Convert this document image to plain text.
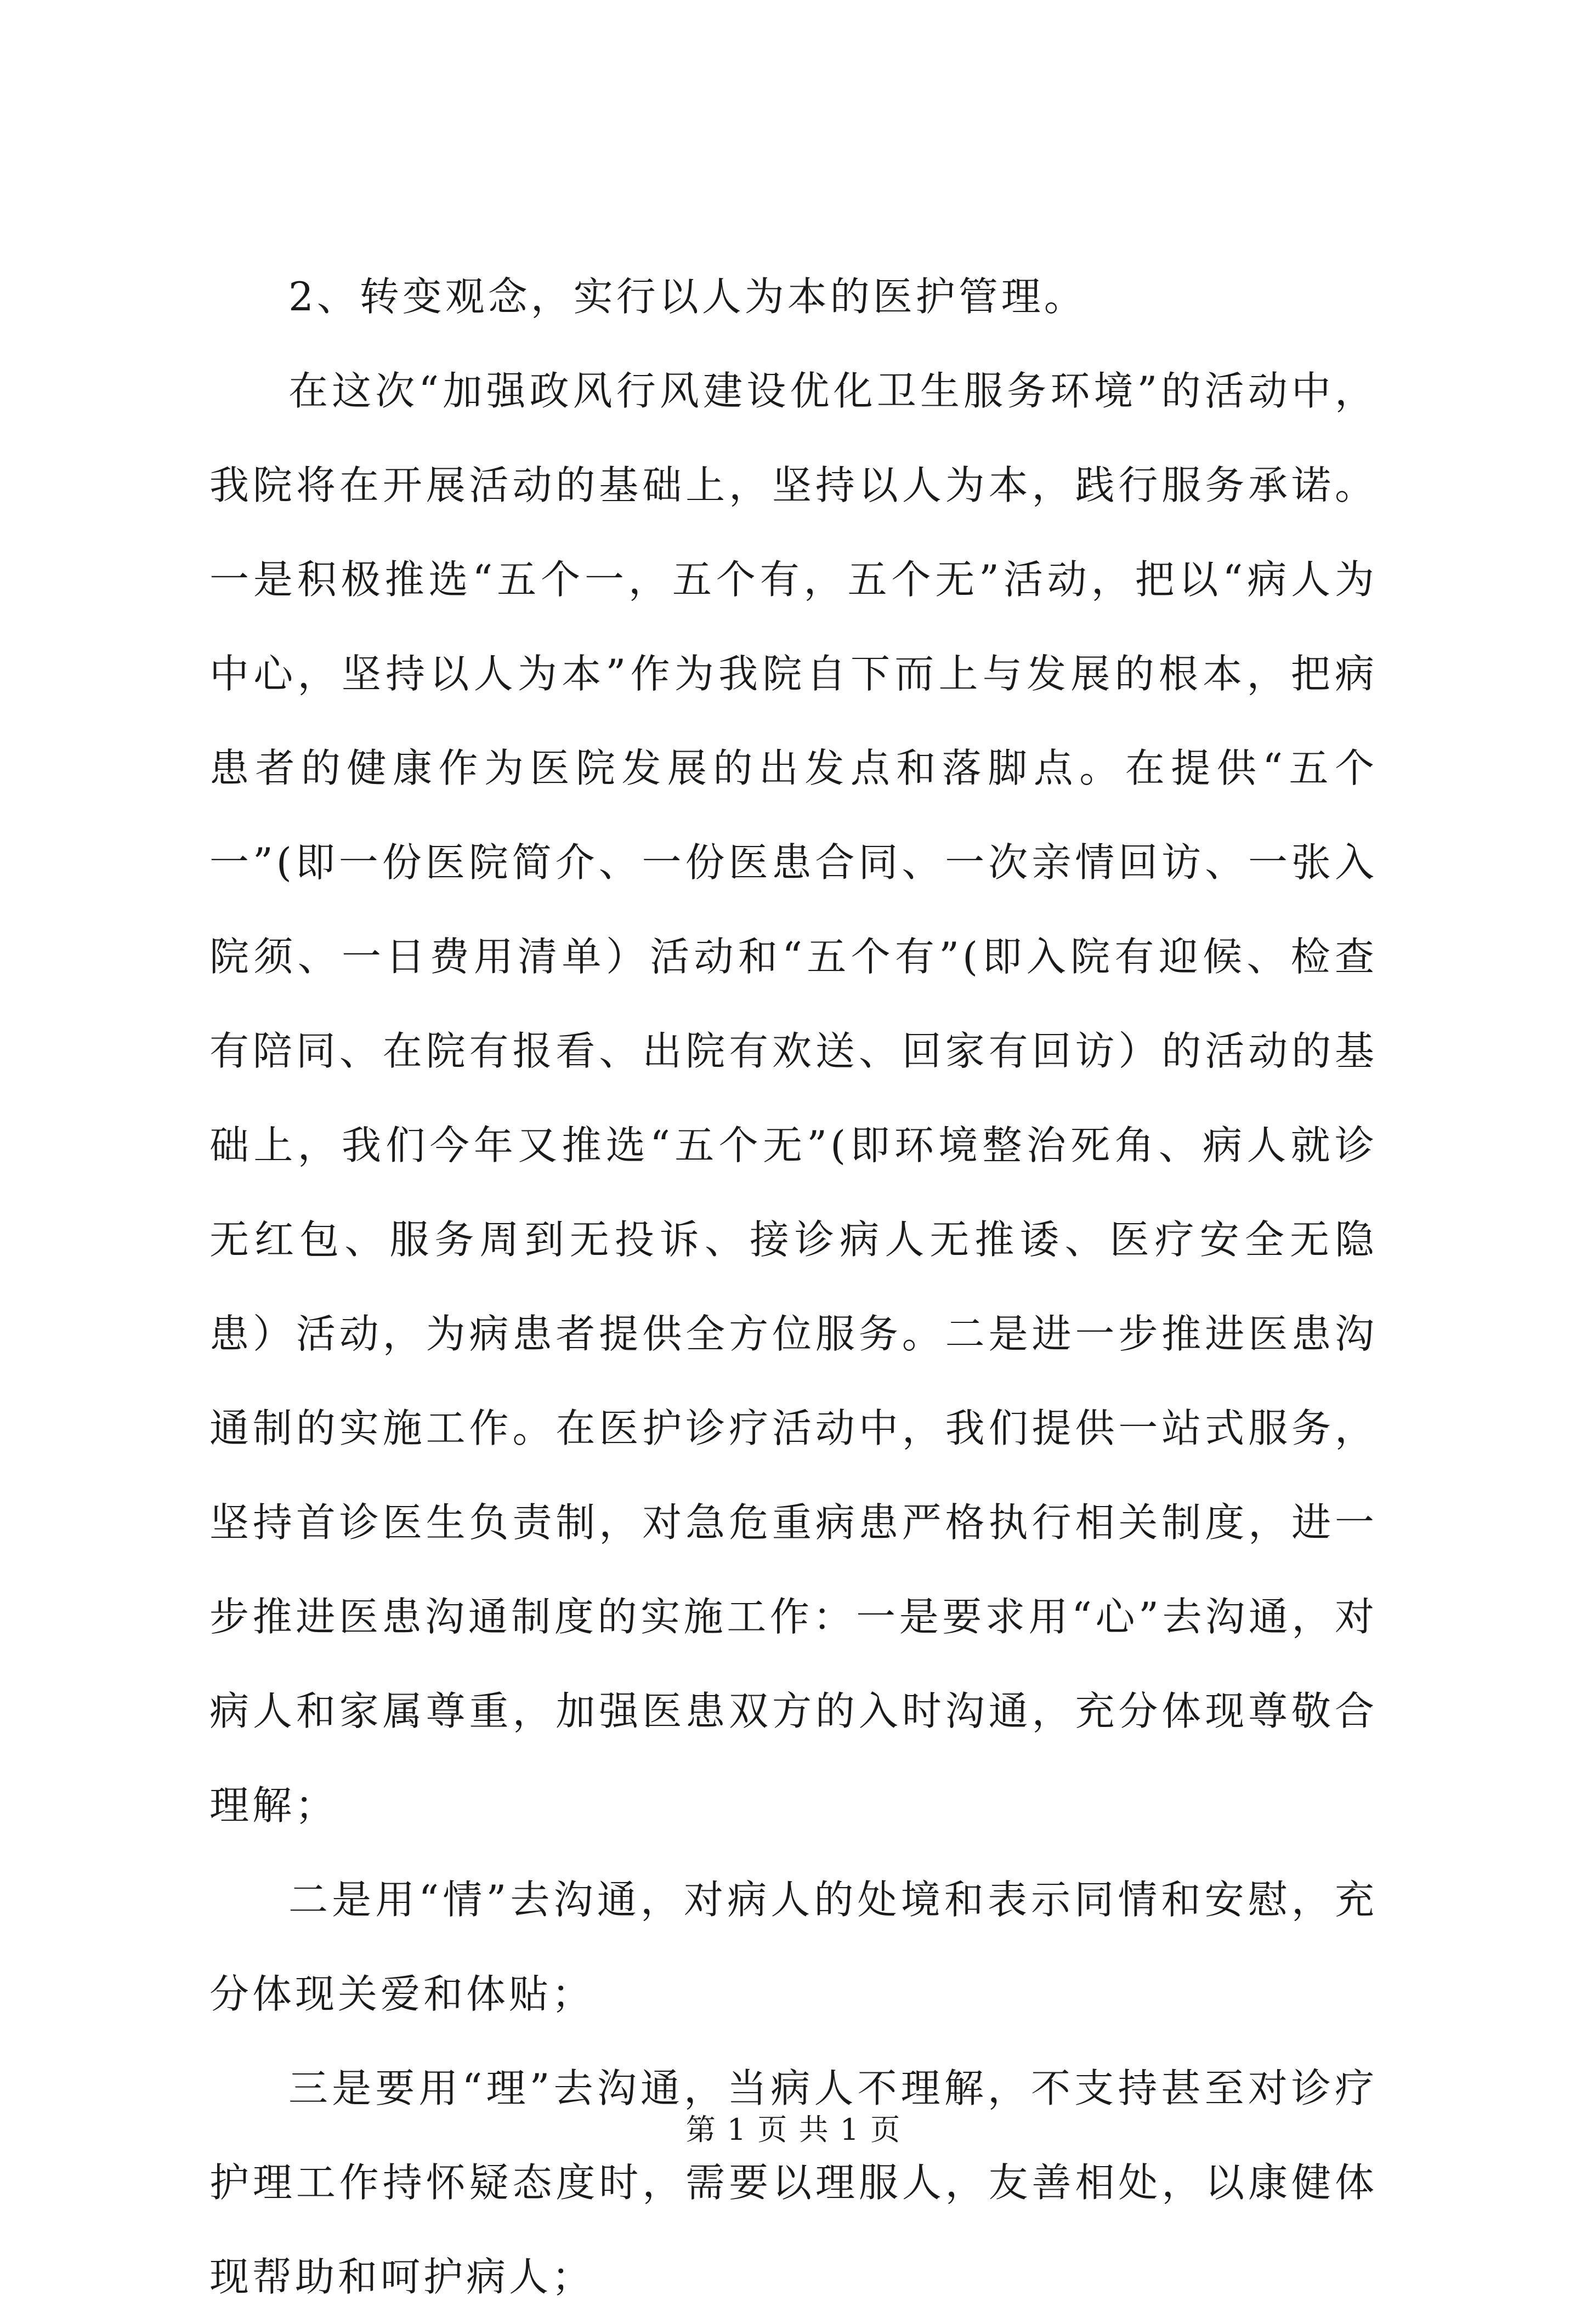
2、转变观念，实行以人为本的医护管理。

在这次“加强政风行风建设优化卫生服务环境”的活动中，我院将在开展活动的基础上，坚持以人为本，践行服务承诺。一是积极推选“五个一，五个有，五个无”活动，把以“病人为中心，坚持以人为本”作为我院自下而上与发展的根本，把病患者的健康作为医院发展的出发点和落脚点。在提供“五个一”(即一份医院简介、一份医患合同、一次亲情回访、一张入院须、一日费用清单）活动和“五个有”(即入院有迎候、检查有陪同、在院有报看、出院有欢送、回家有回访）的活动的基础上，我们今年又推选“五个无”(即环境整治死角、病人就诊无红包、服务周到无投诉、接诊病人无推诿、医疗安全无隐患）活动，为病患者提供全方位服务。二是进一步推进医患沟通制的实施工作。在医护诊疗活动中，我们提供一站式服务，坚持首诊医生负责制，对急危重病患严格执行相关制度，进一步推进医患沟通制度的实施工作：一是要求用“心”去沟通，对病人和家属尊重，加强医患双方的入时沟通，充分体现尊敬合理解；

二是用“情”去沟通，对病人的处境和表示同情和安慰，充分体现关爱和体贴；

三是要用“理”去沟通，当病人不理解，不支持甚至对诊疗护理工作持怀疑态度时，需要以理服人，友善相处，以康健体现帮助和呵护病人；

第 1 页 共 1 页
